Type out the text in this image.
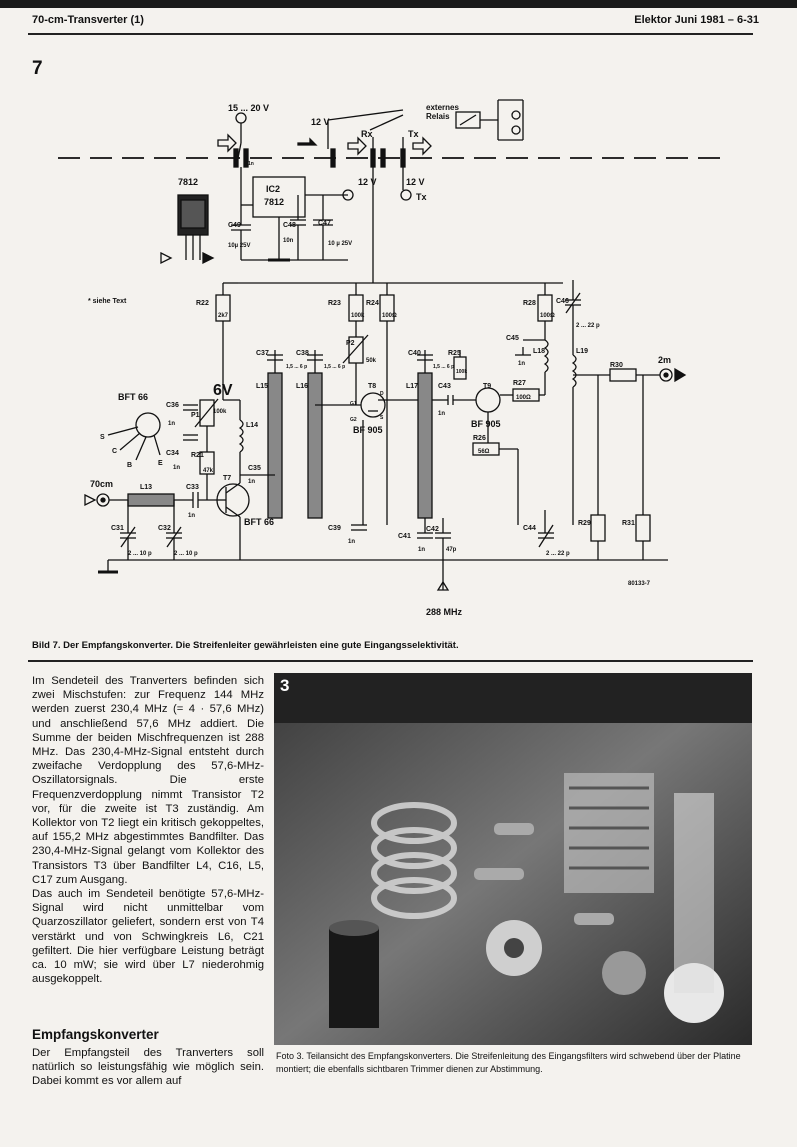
70-cm-Transverter (1)	Elektor Juni 1981 – 6-31
7
15 ... 20 V
12 V
12 V	12 V
Rx	Tx
Tx
externes
Relais
IC2
7812
7812
C49
10µ 25V
C48
10n
C47
10 µ 25V
* siehe Text	R22
2k7
R23
100k
R24
100Ω
R28
100Ω
C46
2 ... 22 p
C45
1n
L18	L19
R30
2m
P2
50k
C37
1,5 ... 6 p
C38
1,5 ... 6 p
C40
1,5 ... 6 p
R25
100k
L15	L16	L17
T8
BF 905
T9
BF 905
C43
1n
R27
100Ω
R26
56Ω
BFT 66
C36
1n
P1 100k
C34
1n
R21
47k
L14
C35
1n
T7
BFT 66
70cm	L13	C33
1n
C31
2 ... 10 p
C32
2 ... 10 p
C39
1n
C41
1n
C42
47p
C44
2 ... 22 p
R29	R31
288 MHz
80133-7
S
C
B	E
G1
G2
D
S
6V
1n
Bild 7. Der Empfangskonverter. Die Streifenleiter gewährleisten eine gute Eingangsselektivität.

Im Sendeteil des Tranverters befinden sich zwei Mischstufen: zur Frequenz 144 MHz werden zuerst 230,4 MHz (= 4 · 57,6 MHz) und anschließend 57,6 MHz addiert. Die Summe der beiden Mischfrequenzen ist 288 MHz. Das 230,4-MHz-Signal entsteht durch zweifache Verdopplung des 57,6-MHz-Oszillatorsignals. Die erste Frequenzverdopplung nimmt Transistor T2 vor, für die zweite ist T3 zuständig. Am Kollektor von T2 liegt ein kritisch gekoppeltes, auf 155,2 MHz abgestimmtes Bandfilter. Das 230,4-MHz-Signal gelangt vom Kollektor des Transistors T3 über Bandfilter L4, C16, L5, C17 zum Ausgang.

Das auch im Sendeteil benötigte 57,6-MHz-Signal wird nicht unmittelbar vom Quarzoszillator geliefert, sondern erst von T4 verstärkt und von Schwingkreis L6, C21 gefiltert. Die hier verfügbare Leistung beträgt ca. 10 mW; sie wird über L7 niederohmig ausgekoppelt.

Empfangskonverter
Der Empfangsteil des Tranverters soll natürlich so leistungsfähig wie möglich sein. Dabei kommt es vor allem auf
3
Foto 3. Teilansicht des Empfangskonverters. Die Streifenleitung des Eingangsfilters wird schwebend über der Platine montiert; die ebenfalls sichtbaren Trimmer dienen zur Abstimmung.
